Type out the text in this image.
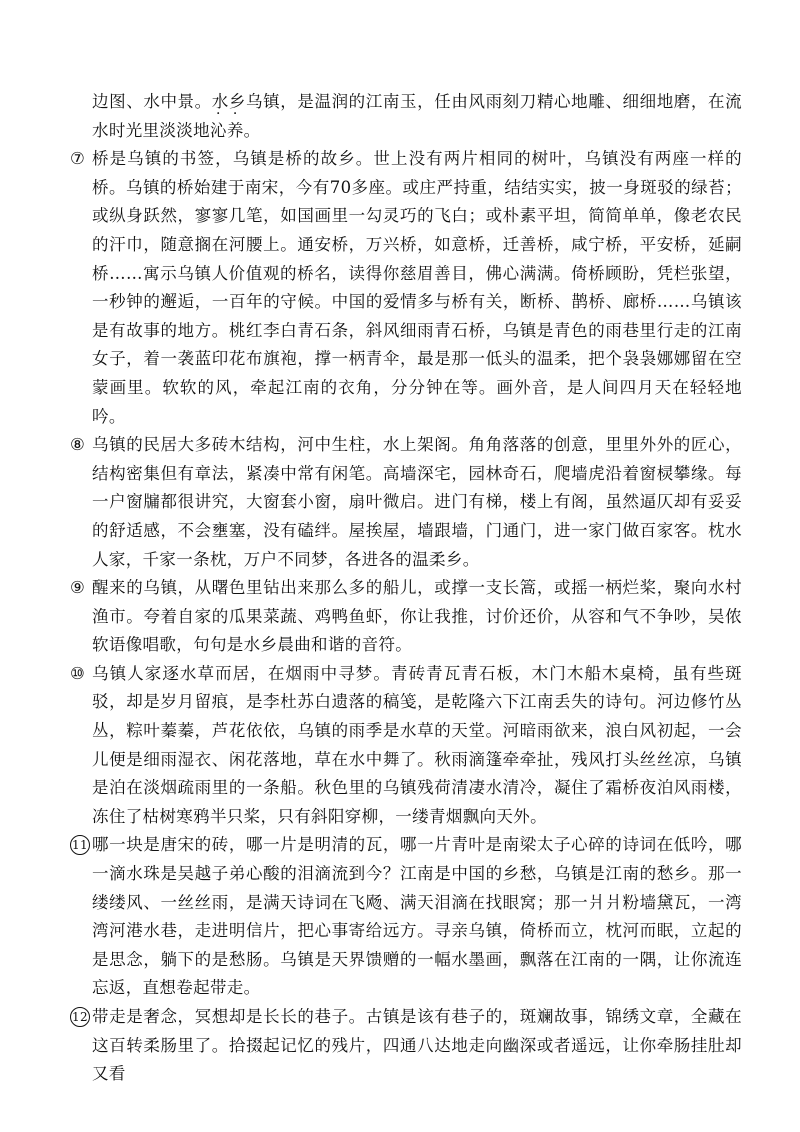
边图、水中景。水乡乌镇，是温润的江南玉，任由风雨刻刀精心地雕、细细地磨，在流水时光里淡淡地沁养。

⑦ 桥是乌镇的书签，乌镇是桥的故乡。世上没有两片相同的树叶，乌镇没有两座一样的桥。乌镇的桥始建于南宋，今有70多座。或庄严持重，结结实实，披一身斑驳的绿苔；或纵身跃然，寥寥几笔，如国画里一勾灵巧的飞白；或朴素平坦，简简单单，像老农民的汗巾，随意搁在河腰上。通安桥，万兴桥，如意桥，迁善桥，咸宁桥，平安桥，延嗣桥……寓示乌镇人价值观的桥名，读得你慈眉善目，佛心满满。倚桥顾盼，凭栏张望，一秒钟的邂逅，一百年的守候。中国的爱情多与桥有关，断桥、鹊桥、廊桥……乌镇该是有故事的地方。桃红李白青石条，斜风细雨青石桥，乌镇是青色的雨巷里行走的江南女子，着一袭蓝印花布旗袍，撑一柄青伞，最是那一低头的温柔，把个袅袅娜娜留在空蒙画里。软软的风，牵起江南的衣角，分分钟在等。画外音，是人间四月天在轻轻地吟。

⑧ 乌镇的民居大多砖木结构，河中生柱，水上架阁。角角落落的创意，里里外外的匠心，结构密集但有章法，紧凑中常有闲笔。高墙深宅，园林奇石，爬墙虎沿着窗棂攀缘。每一户窗牖都很讲究，大窗套小窗，扇叶微启。进门有梯，楼上有阁，虽然逼仄却有妥妥的舒适感，不会壅塞，没有磕绊。屋挨屋，墙跟墙，门通门，进一家门做百家客。枕水人家，千家一条枕，万户不同梦，各进各的温柔乡。

⑨ 醒来的乌镇，从曙色里钻出来那么多的船儿，或撑一支长篙，或摇一柄烂桨，聚向水村渔市。夸着自家的瓜果菜蔬、鸡鸭鱼虾，你让我推，讨价还价，从容和气不争吵，吴侬软语像唱歌，句句是水乡晨曲和谐的音符。

⑩ 乌镇人家逐水草而居，在烟雨中寻梦。青砖青瓦青石板，木门木船木桌椅，虽有些斑驳，却是岁月留痕，是李杜苏白遗落的稿笺，是乾隆六下江南丢失的诗句。河边修竹丛丛，粽叶蓁蓁，芦花依依，乌镇的雨季是水草的天堂。河暗雨欲来，浪白风初起，一会儿便是细雨湿衣、闲花落地，草在水中舞了。秋雨滴篷牵牵扯，残风打头丝丝凉，乌镇是泊在淡烟疏雨里的一条船。秋色里的乌镇残荷清凄水清冷，凝住了霜桥夜泊风雨楼，冻住了枯树寒鸦半只桨，只有斜阳穿柳，一缕青烟飘向天外。

11 哪一块是唐宋的砖，哪一片是明清的瓦，哪一片青叶是南梁太子心碎的诗词在低吟，哪一滴水珠是吴越子弟心酸的泪滴流到今？江南是中国的乡愁，乌镇是江南的愁乡。那一缕缕风、一丝丝雨，是满天诗词在飞飏、满天泪滴在找眼窝；那一爿爿粉墙黛瓦，一湾湾河港水巷，走进明信片，把心事寄给远方。寻亲乌镇，倚桥而立，枕河而眠，立起的是思念，躺下的是愁肠。乌镇是天界馈赠的一幅水墨画，飘落在江南的一隅，让你流连忘返，直想卷起带走。

12 带走是奢念，冥想却是长长的巷子。古镇是该有巷子的，斑斓故事，锦绣文章，全藏在这百转柔肠里了。拾掇起记忆的残片，四通八达地走向幽深或者遥远，让你牵肠挂肚却又看
